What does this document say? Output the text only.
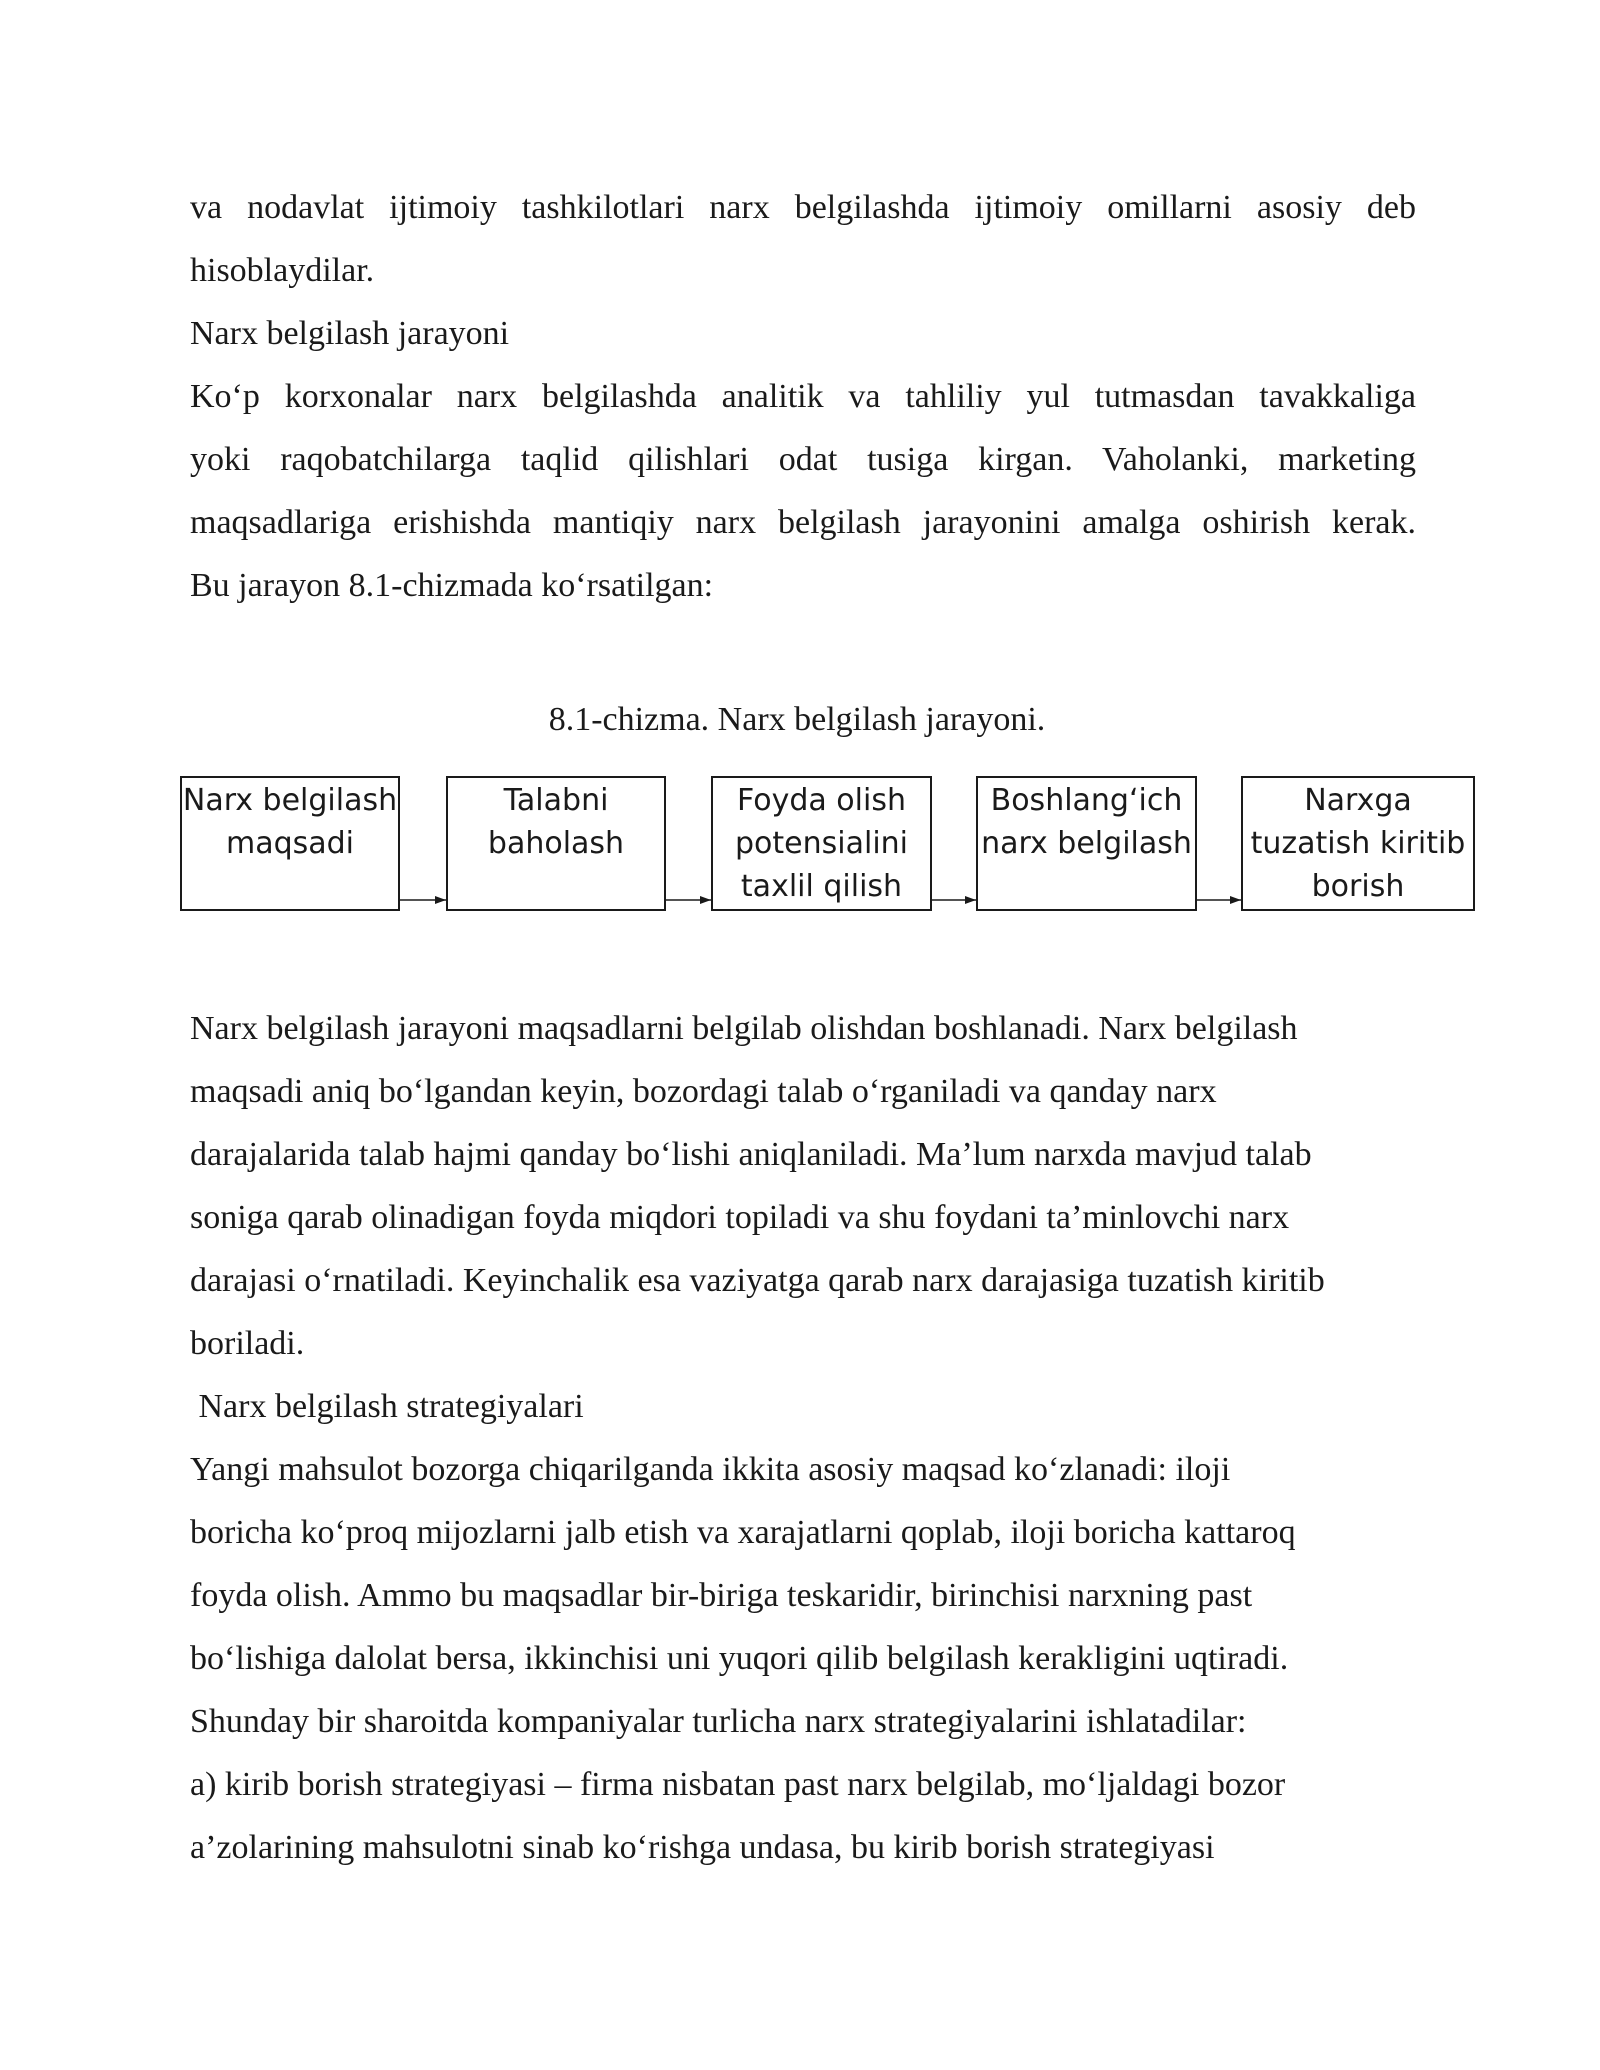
va nodavlat ijtimoiy tashkilotlari narx belgilashda ijtimoiy omillarni asosiy deb
hisoblaydilar.
Narx belgilash jarayoni
Ko‘p korxonalar narx belgilashda analitik va tahliliy yul tutmasdan tavakkaliga
yoki raqobatchilarga taqlid qilishlari odat tusiga kirgan. Vaholanki, marketing
maqsadlariga erishishda mantiqiy narx belgilash jarayonini amalga oshirish kerak.
Bu jarayon 8.1-chizmada ko‘rsatilgan:
8.1-chizma. Narx belgilash jarayoni.
Narx belgilash
maqsadi
Talabni
baholash
Foyda olish
potensialini
taxlil qilish
Boshlang‘ich
narx belgilash
Narxga
tuzatish kiritib
borish
Narx belgilash jarayoni maqsadlarni belgilab olishdan boshlanadi. Narx belgilash
maqsadi aniq bo‘lgandan keyin, bozordagi talab o‘rganiladi va qanday narx
darajalarida talab hajmi qanday bo‘lishi aniqlaniladi. Ma’lum narxda mavjud talab
soniga qarab olinadigan foyda miqdori topiladi va shu foydani ta’minlovchi narx
darajasi o‘rnatiladi. Keyinchalik esa vaziyatga qarab narx darajasiga tuzatish kiritib
boriladi.
Narx belgilash strategiyalari
Yangi mahsulot bozorga chiqarilganda ikkita asosiy maqsad ko‘zlanadi: iloji
boricha ko‘proq mijozlarni jalb etish va xarajatlarni qoplab, iloji boricha kattaroq
foyda olish. Ammo bu maqsadlar bir-biriga teskaridir, birinchisi narxning past
bo‘lishiga dalolat bersa, ikkinchisi uni yuqori qilib belgilash kerakligini uqtiradi.
Shunday bir sharoitda kompaniyalar turlicha narx strategiyalarini ishlatadilar:
a) kirib borish strategiyasi – firma nisbatan past narx belgilab, mo‘ljaldagi bozor
a’zolarining mahsulotni sinab ko‘rishga undasa, bu kirib borish strategiyasi
